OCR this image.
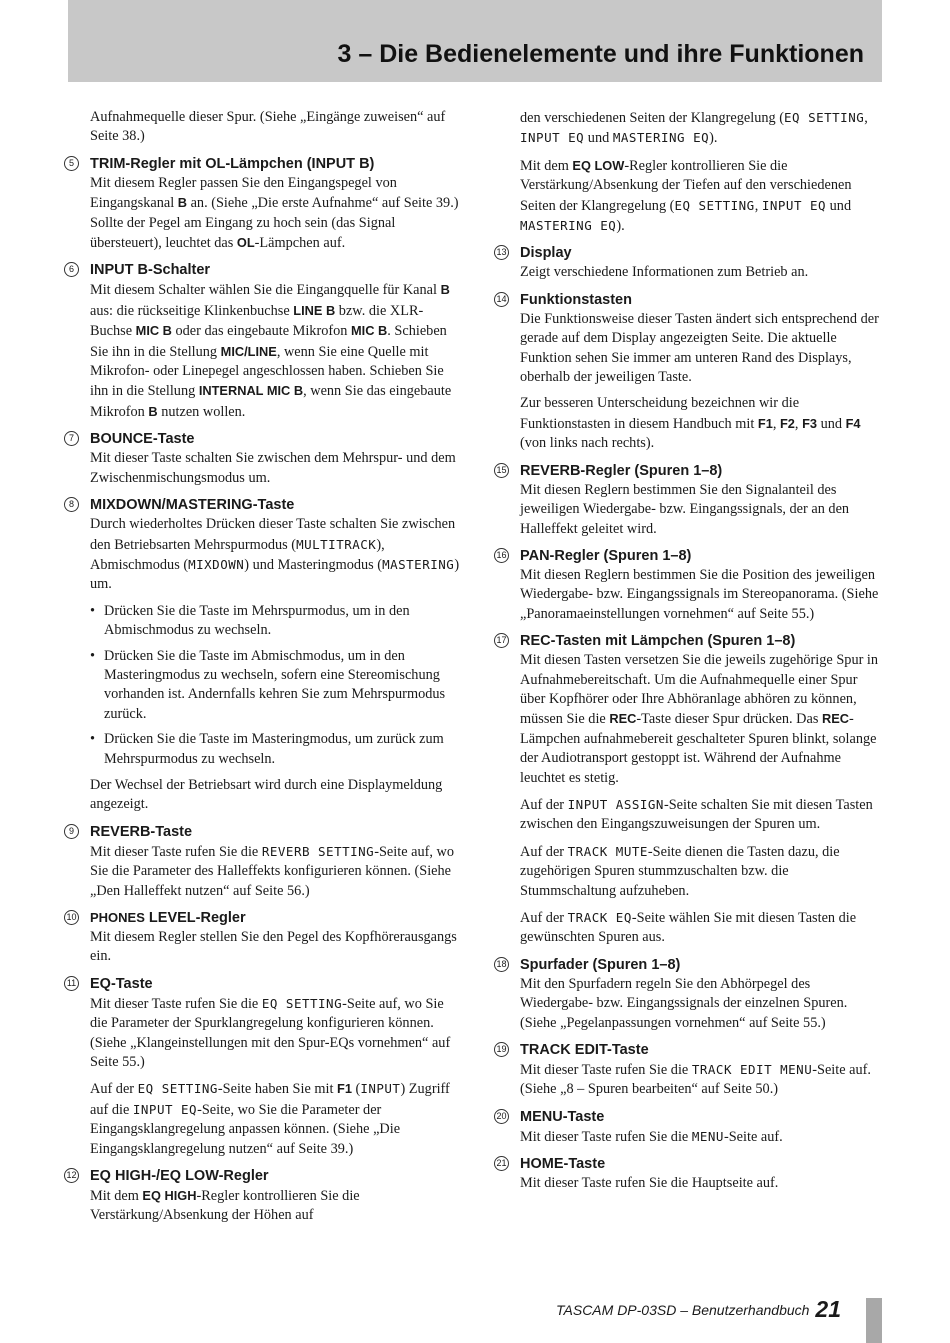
3 – Die Bedienelemente und ihre Funktionen

Aufnahmequelle dieser Spur. (Siehe „Eingänge zuweisen“ auf Seite 38.)

5	TRIM-Regler mit OL-Lämpchen (INPUT B)

Mit diesem Regler passen Sie den Eingangspegel von Eingangskanal B an. (Siehe „Die erste Aufnahme“ auf Seite 39.) Sollte der Pegel am Eingang zu hoch sein (das Signal übersteuert), leuchtet das OL-Lämpchen auf.

6	INPUT B-Schalter

Mit diesem Schalter wählen Sie die Eingangquelle für Kanal B aus: die rückseitige Klinkenbuchse LINE B bzw. die XLR-Buchse MIC B oder das eingebaute Mikrofon MIC B. Schieben Sie ihn in die Stellung MIC/LINE, wenn Sie eine Quelle mit Mikrofon- oder Linepegel angeschlossen haben. Schieben Sie ihn in die Stellung INTERNAL MIC B, wenn Sie das eingebaute Mikrofon B nutzen wollen.

7	BOUNCE-Taste

Mit dieser Taste schalten Sie zwischen dem Mehrspur- und dem Zwischenmischungsmodus um.

8	MIXDOWN/MASTERING-Taste

Durch wiederholtes Drücken dieser Taste schalten Sie zwischen den Betriebsarten Mehrspurmodus (MULTITRACK), Abmischmodus (MIXDOWN) und Masteringmodus (MASTERING) um.

• Drücken Sie die Taste im Mehrspurmodus, um in den Abmischmodus zu wechseln.
• Drücken Sie die Taste im Abmischmodus, um in den Masteringmodus zu wechseln, sofern eine Stereomischung vorhanden ist. Andernfalls kehren Sie zum Mehrspurmodus zurück.
• Drücken Sie die Taste im Masteringmodus, um zurück zum Mehrspurmodus zu wechseln.

Der Wechsel der Betriebsart wird durch eine Displaymeldung angezeigt.

9	REVERB-Taste

Mit dieser Taste rufen Sie die REVERB SETTING-Seite auf, wo Sie die Parameter des Halleffekts konfigurieren können. (Siehe „Den Halleffekt nutzen“ auf Seite 56.)

10 PHONES LEVEL-Regler

Mit diesem Regler stellen Sie den Pegel des Kopfhörerausgangs ein.

11 EQ-Taste

Mit dieser Taste rufen Sie die EQ SETTING-Seite auf, wo Sie die Parameter der Spurklangregelung konfigurieren können. (Siehe „Klangeinstellungen mit den Spur-EQs vornehmen“ auf Seite 55.)

Auf der EQ SETTING-Seite haben Sie mit F1 (INPUT) Zugriff auf die INPUT EQ-Seite, wo Sie die Parameter der Eingangsklangregelung anpassen können. (Siehe „Die Eingangsklangregelung nutzen“ auf Seite 39.)

12 EQ HIGH-/EQ LOW-Regler

Mit dem EQ HIGH-Regler kontrollieren Sie die Verstärkung/Absenkung der Höhen auf

den verschiedenen Seiten der Klangregelung (EQ SETTING, INPUT EQ und MASTERING EQ).

Mit dem EQ LOW-Regler kontrollieren Sie die Verstärkung/Absenkung der Tiefen auf den verschiedenen Seiten der Klangregelung (EQ SETTING, INPUT EQ und MASTERING EQ).

13 Display

Zeigt verschiedene Informationen zum Betrieb an.

14 Funktionstasten

Die Funktionsweise dieser Tasten ändert sich entsprechend der gerade auf dem Display angezeigten Seite. Die aktuelle Funktion sehen Sie immer am unteren Rand des Displays, oberhalb der jeweiligen Taste.

Zur besseren Unterscheidung bezeichnen wir die Funktionstasten in diesem Handbuch mit F1, F2, F3 und F4 (von links nach rechts).

15 REVERB-Regler (Spuren 1–8)

Mit diesen Reglern bestimmen Sie den Signalanteil des jeweiligen Wiedergabe- bzw. Eingangssignals, der an den Halleffekt geleitet wird.

16 PAN-Regler (Spuren 1–8)

Mit diesen Reglern bestimmen Sie die Position des jeweiligen Wiedergabe- bzw. Eingangssignals im Stereopanorama. (Siehe „Panoramaeinstellungen vornehmen“ auf Seite 55.)

17 REC-Tasten mit Lämpchen (Spuren 1–8)

Mit diesen Tasten versetzen Sie die jeweils zugehörige Spur in Aufnahmebereitschaft. Um die Aufnahmequelle einer Spur über Kopfhörer oder Ihre Abhöranlage abhören zu können, müssen Sie die REC-Taste dieser Spur drücken. Das REC-Lämpchen aufnahmebereit geschalteter Spuren blinkt, solange der Audiotransport gestoppt ist. Während der Aufnahme leuchtet es stetig.

Auf der INPUT ASSIGN-Seite schalten Sie mit diesen Tasten zwischen den Eingangszuweisungen der Spuren um.

Auf der TRACK MUTE-Seite dienen die Tasten dazu, die zugehörigen Spuren stummzuschalten bzw. die Stummschaltung aufzuheben.

Auf der TRACK EQ-Seite wählen Sie mit diesen Tasten die gewünschten Spuren aus.

18 Spurfader (Spuren 1–8)

Mit den Spurfadern regeln Sie den Abhörpegel des Wiedergabe- bzw. Eingangssignals der einzelnen Spuren. (Siehe „Pegelanpassungen vornehmen“ auf Seite 55.)

19 TRACK EDIT-Taste

Mit dieser Taste rufen Sie die TRACK EDIT MENU-Seite auf. (Siehe „8 – Spuren bearbeiten“ auf Seite 50.)

20 MENU-Taste

Mit dieser Taste rufen Sie die MENU-Seite auf.

21 HOME-Taste

Mit dieser Taste rufen Sie die Hauptseite auf.

TASCAM DP-03SD – Benutzerhandbuch 21
